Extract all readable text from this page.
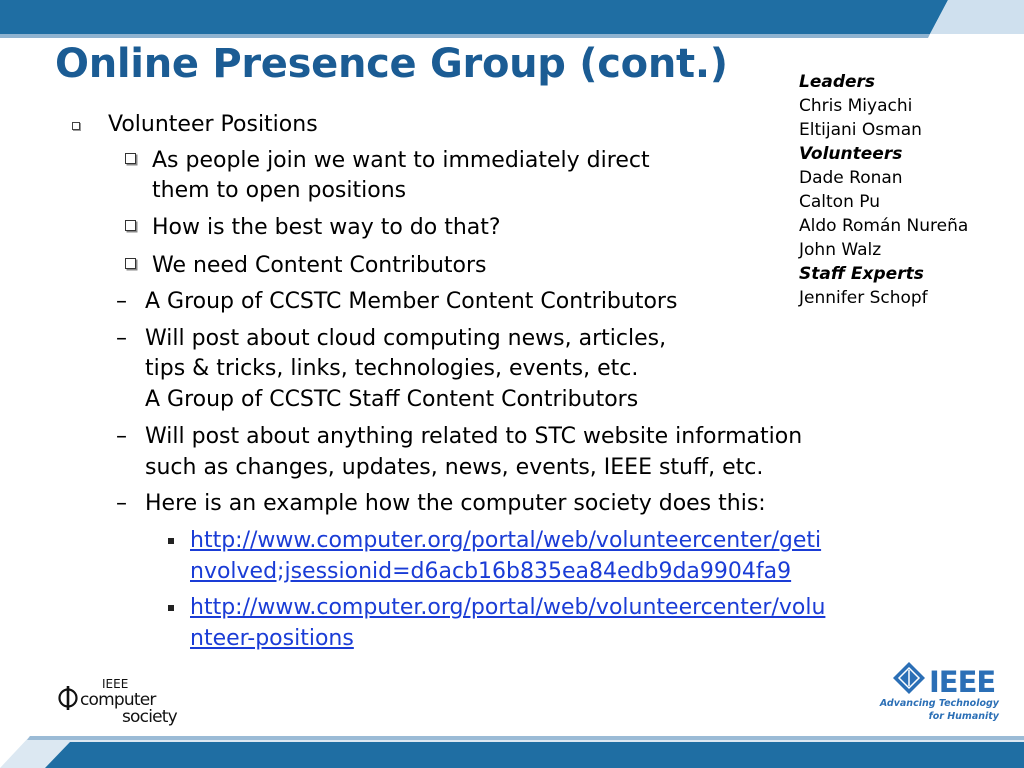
Online Presence Group (cont.)	Leaders
Chris Miyachi
Eltijani Osman
Volunteers
Dade Ronan
Calton Pu
Aldo Román Nureña
John Walz
Staff Experts
Jennifer Schopf
Volunteer Positions
As people join we want to immediately direct
them to open positions
How is the best way to do that?
We need Content Contributors
– A Group of CCSTC Member Content Contributors
– Will post about cloud computing news, articles,
tips & tricks, links, technologies, events, etc.
A Group of CCSTC Staff Content Contributors
– Will post about anything related to STC website information
such as changes, updates, news, events, IEEE stuff, etc.
– Here is an example how the computer society does this:
http://www.computer.org/portal/web/volunteercenter/geti
nvolved;jsessionid=d6acb16b835ea84edb9da9904fa9
http://www.computer.org/portal/web/volunteercenter/volu
nteer-positions
IEEE
computer
society
IEEE
Advancing Technology
for Humanity
